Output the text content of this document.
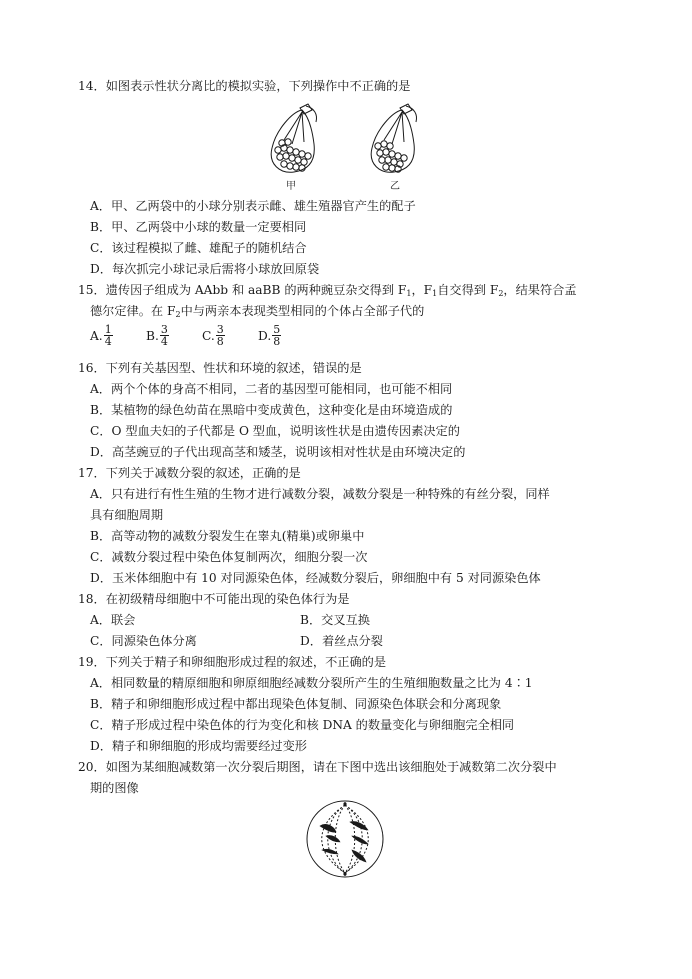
14．如图表示性状分离比的模拟实验，下列操作中不正确的是
甲	乙
A．甲、乙两袋中的小球分别表示雌、雄生殖器官产生的配子
B．甲、乙两袋中小球的数量一定要相同
C．该过程模拟了雌、雄配子的随机结合
D．每次抓完小球记录后需将小球放回原袋
15．遗传因子组成为 AAbb 和 aaBB 的两种豌豆杂交得到 $F_1$，$F_1$自交得到 $F_2$，结果符合孟
德尔定律。在 $F_2$中与两亲本表现类型相同的个体占全部子代的
A. $\frac{1}{4}$	B. $\frac{3}{4}$	C. $\frac{3}{8}$	D. $\frac{5}{8}$
16．下列有关基因型、性状和环境的叙述，错误的是
A．两个个体的身高不相同，二者的基因型可能相同，也可能不相同
B．某植物的绿色幼苗在黑暗中变成黄色，这种变化是由环境造成的
C．O 型血夫妇的子代都是 O 型血，说明该性状是由遗传因素决定的
D．高茎豌豆的子代出现高茎和矮茎，说明该相对性状是由环境决定的
17．下列关于减数分裂的叙述，正确的是
A．只有进行有性生殖的生物才进行减数分裂，减数分裂是一种特殊的有丝分裂，同样
具有细胞周期
B．高等动物的减数分裂发生在睾丸(精巢)或卵巢中
C．减数分裂过程中染色体复制两次，细胞分裂一次
D．玉米体细胞中有 10 对同源染色体，经减数分裂后，卵细胞中有 5 对同源染色体
18．在初级精母细胞中不可能出现的染色体行为是
A．联会	B．交叉互换
C．同源染色体分离	D．着丝点分裂
19．下列关于精子和卵细胞形成过程的叙述，不正确的是
A．相同数量的精原细胞和卵原细胞经减数分裂所产生的生殖细胞数量之比为 4∶1
B．精子和卵细胞形成过程中都出现染色体复制、同源染色体联会和分离现象
C．精子形成过程中染色体的行为变化和核 DNA 的数量变化与卵细胞完全相同
D．精子和卵细胞的形成均需要经过变形
20．如图为某细胞减数第一次分裂后期图，请在下图中选出该细胞处于减数第二次分裂中
期的图像
